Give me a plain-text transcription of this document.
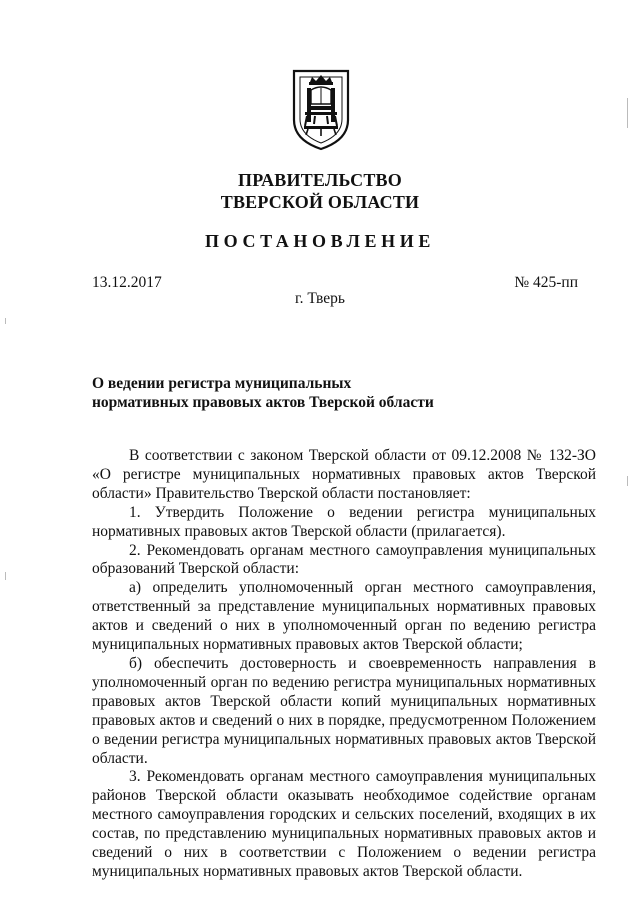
ПРАВИТЕЛЬСТВО
ТВЕРСКОЙ ОБЛАСТИ
ПОСТАНОВЛЕНИЕ
13.12.2017	№ 425-пп
г. Тверь
О ведении регистра муниципальных
нормативных правовых актов Тверской области

В соответствии с законом Тверской области от 09.12.2008 № 132-ЗО «О регистре муниципальных нормативных правовых актов Тверской области» Правительство Тверской области постановляет:

1. Утвердить Положение о ведении регистра муниципальных нормативных правовых актов Тверской области (прилагается).

2. Рекомендовать органам местного самоуправления муниципальных образований Тверской области:

а) определить уполномоченный орган местного самоуправления, ответственный за представление муниципальных нормативных правовых актов и сведений о них в уполномоченный орган по ведению регистра муниципальных нормативных правовых актов Тверской области;

б) обеспечить достоверность и своевременность направления в уполномоченный орган по ведению регистра муниципальных нормативных правовых актов Тверской области копий муниципальных нормативных правовых актов и сведений о них в порядке, предусмотренном Положением о ведении регистра муниципальных нормативных правовых актов Тверской области.

3. Рекомендовать органам местного самоуправления муниципальных районов Тверской области оказывать необходимое содействие органам местного самоуправления городских и сельских поселений, входящих в их состав, по представлению муниципальных нормативных правовых актов и сведений о них в соответствии с Положением о ведении регистра муниципальных нормативных правовых актов Тверской области.
